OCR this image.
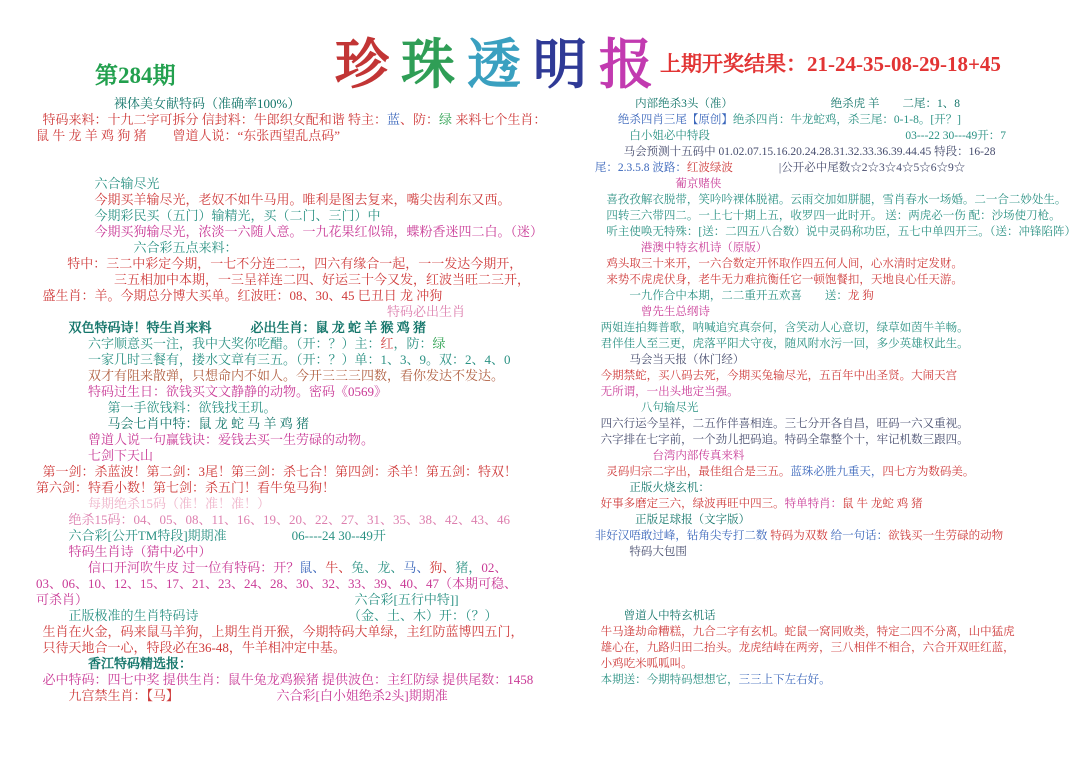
第284期	珍珠透明报
上期开奖结果：21-24-35-08-29-18+45
裸体美女献特码（准确率100%）
特码来料：十九二字可拆分 信封料：牛郎织女配和谐 特主：蓝、防：绿 来料七个生肖：
鼠 牛 龙 羊 鸡 狗 猪　　曾道人说：“东张西望乱点码”
六合输尽光
今期买羊输尽光，老奴不如牛马用。唯利是图去复来，嘴尖齿利东又西。
今期彩民买（五门）输精光，买（二门、三门）中
今期买狗输尽光，浓淡一六随人意。一九花果红似锦，蝶粉香迷四二白。（迷）
六合彩五点来料：
特中：三二中彩定今期，一七不分连二二，四六有缘合一起，一一发达今期开，
三五相加中本期，一三呈祥连二四、好运三十今又发，红波当旺二三开，
盛生肖：羊。今期总分博大买单。红波旺：08、30、45 巳丑日 龙 冲狗
特码必出生肖
双色特码诗！特生肖来料　　　必出生肖：鼠 龙 蛇 羊 猴 鸡 猪
六字顺意买一注，我中大奖你吃醋。（开：？）主：红，防：绿
一家几时三餐有，搂水文章有三五。（开：？）单：1、3、9。双：2、4、0
双才有阻来散弹，只想命内不如人。今开三三三四数，看你发达不发达。
特码过生日：欲钱买文文静静的动物。密码《0569》
第一手欲钱料：欲钱找王玑。
马会七肖中特：鼠 龙 蛇 马 羊 鸡 猪
曾道人说一句赢钱诀：爱钱去买一生劳碌的动物。
七剑下天山
第一剑：杀蓝波！第二剑：3尾！第三剑：杀七合！第四剑：杀羊！第五剑：特双！
第六剑：特看小数！第七剑：杀五门！看牛兔马狗！
每期绝杀15码（准！准！准！）
绝杀15码：04、05、08、11、16、19、20、22、27、31、35、38、42、43、46
六合彩[公开TM特段]期期准　　　　　06----24 30--49开
特码生肖诗（猜中必中）
信口开河吹牛皮 过一位有特码：开？鼠、牛、兔、龙、马、狗、猪，02、
03、06、10、12、15、17、21、23、24、28、30、32、33、39、40、47（本期可稳、
可杀肖）　　　　　　　　　　　　　　　　　　　　　	六合彩[五行中特]]
正版极准的生肖特码诗　　　　　　　　　　　　（金、土、木）开：（？）
生肖在火金，码来鼠马羊狗，上期生肖开猴，今期特码大单绿，主红防蓝博四五门，
只待天地合一心，特段必在36-48，牛羊相冲定中基。
香江特码精选报：
必中特码：四七中奖 提供生肖：鼠牛兔龙鸡猴猪 提供波色：主红防绿 提供尾数：1458
九宫禁生肖：【马】　　　　　　　　	六合彩[白小姐绝杀2头]期期准
内部绝杀3头（准）　　　　　　　　　绝杀虎 羊　　二尾：1、8
绝杀四肖三尾【原创】绝杀四肖：牛龙蛇鸡，杀三尾：0-1-8。[开？]
白小姐必中特段　　　　　　　　　　　　　　　　　03---22 30---49开：7
马会预测十五码中 01.02.07.15.16.20.24.28.31.32.33.36.39.44.45 特段：16-28
尾：2.3.5.8 波路：红波绿波　　　　|公开必中尾数☆2☆3☆4☆5☆6☆9☆
葡京赌侠
喜孜孜解衣脱带，笑吟吟裸体脱裙。云雨交加如胼腿，雪肖春水一场婚。二一合二妙处生。
四转三六带四二。一上七十期上五，收罗四一此时开。 送：两虎必一伤 配：沙场使刀枪。
听主使唤无特殊：[送：二四五八合数）说中灵码称功臣，五七中单四开三。（送：冲锋陷阵）
港澳中特玄机诗（原版）
鸡头取三十来开，一六合数定开怀取作四五何人间，心水清时定发财。
来势不虎虎伏身，老牛无力难抗衡任它一顿饱餐扣，天地良心任天游。
一九作合中本期，二二重开五欢喜　　送：龙 狗
曾先生总纲诗
两姐连拍舞普歌，呐喊追究真奈何，含笑动人心意切，绿草如茵牛羊畅。
君伴佳人至三更，虎落平阳犬守夜，随风附水污一回，多少英雄权此生。
马会当天报（休门经）
今期禁蛇，买八码去死，今期买兔输尽光，五百年中出圣贤。大闹天宫
无所谓，一出头地定当强。
八句输尽光
四六行运今呈祥，二五作伴喜相连。三七分开各自昌，旺码一六又重视。
六字排在七字前，一个劲儿把码追。特码全靠整个十，牢记机数三跟四。
台湾内部传真来料
灵码归宗二字出，最佳组合是三五。蓝珠必胜九重天，四七方为数码美。
正版火烧玄机：
好事多磨定三六，绿波再旺中四三。特单特肖：鼠 牛 龙蛇 鸡 猪
正版足球报（文字版）
非好汉唔敢过峰，钻角尖专打二数 特码为双数 给一句话：欲钱买一生劳碌的动物
特码大包围
曾道人中特玄机话
牛马逢劫命糟糕，九合二字有玄机。蛇鼠一窝同败类，特定二四不分离，山中猛虎
雄心在，九路归田二抬头。龙虎结峙在两旁，三八相伴不相合，六合开双旺红蓝，
小鸡吃米呱呱叫。
本期送：今期特码想想它，三三上下左右好。
